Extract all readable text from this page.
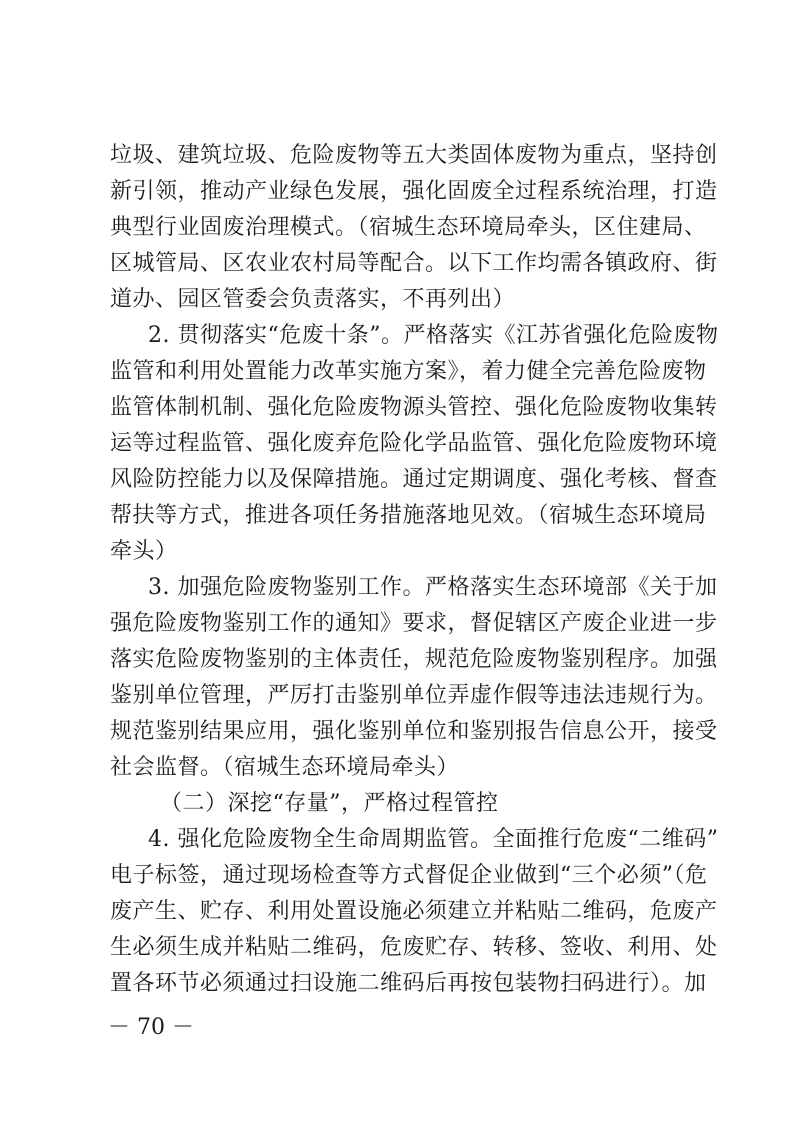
垃圾、建筑垃圾、危险废物等五大类固体废物为重点，坚持创
新引领，推动产业绿色发展，强化固废全过程系统治理，打造
典型行业固废治理模式。（宿城生态环境局牵头，区住建局、
区城管局、区农业农村局等配合。以下工作均需各镇政府、街
道办、园区管委会负责落实，不再列出）
2. 贯彻落实“危废十条”。严格落实《江苏省强化危险废物
监管和利用处置能力改革实施方案》，着力健全完善危险废物
监管体制机制、强化危险废物源头管控、强化危险废物收集转
运等过程监管、强化废弃危险化学品监管、强化危险废物环境
风险防控能力以及保障措施。通过定期调度、强化考核、督查
帮扶等方式，推进各项任务措施落地见效。（宿城生态环境局
牵头）
3. 加强危险废物鉴别工作。严格落实生态环境部《关于加
强危险废物鉴别工作的通知》要求，督促辖区产废企业进一步
落实危险废物鉴别的主体责任，规范危险废物鉴别程序。加强
鉴别单位管理，严厉打击鉴别单位弄虚作假等违法违规行为。
规范鉴别结果应用，强化鉴别单位和鉴别报告信息公开，接受
社会监督。（宿城生态环境局牵头）
（二）深挖“存量”，严格过程管控
4. 强化危险废物全生命周期监管。全面推行危废“二维码”
电子标签，通过现场检查等方式督促企业做到“三个必须”（危
废产生、贮存、利用处置设施必须建立并粘贴二维码，危废产
生必须生成并粘贴二维码，危废贮存、转移、签收、利用、处
置各环节必须通过扫设施二维码后再按包装物扫码进行）。加
－ 70 －
